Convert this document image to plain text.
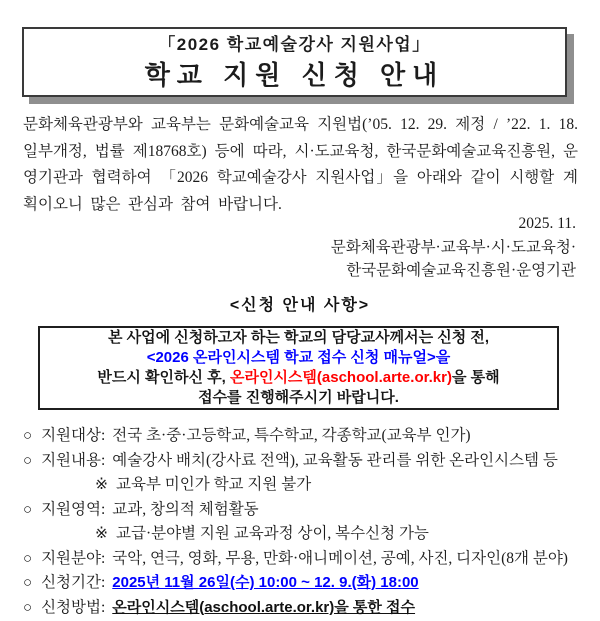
「2026 학교예술강사 지원사업」
학교 지원 신청 안내
문화체육관광부와 교육부는 문화예술교육 지원법(’05. 12. 29. 제정 / ’22. 1. 18. 일부개정, 법률 제18768호) 등에 따라, 시·도교육청, 한국문화예술교육진흥원, 운영기관과 협력하여 「2026 학교예술강사 지원사업」을 아래와 같이 시행할 계획이오니 많은 관심과 참여 바랍니다.
2025. 11.
문화체육관광부·교육부·시·도교육청·
한국문화예술교육진흥원·운영기관
<신청 안내 사항>
본 사업에 신청하고자 하는 학교의 담당교사께서는 신청 전,
<2026 온라인시스템 학교 접수 신청 매뉴얼>을
반드시 확인하신 후, 온라인시스템(aschool.arte.or.kr)을 통해
접수를 진행해주시기 바랍니다.
○ 지원대상: 전국 초·중·고등학교, 특수학교, 각종학교(교육부 인가)
○ 지원내용: 예술강사 배치(강사료 전액), 교육활동 관리를 위한 온라인시스템 등
※ 교육부 미인가 학교 지원 불가
○ 지원영역: 교과, 창의적 체험활동
※ 교급·분야별 지원 교육과정 상이, 복수신청 가능
○ 지원분야: 국악, 연극, 영화, 무용, 만화·애니메이션, 공예, 사진, 디자인(8개 분야)
○ 신청기간: 2025년 11월 26일(수) 10:00 ~ 12. 9.(화) 18:00
○ 신청방법: 온라인시스템(aschool.arte.or.kr)을 통한 접수
